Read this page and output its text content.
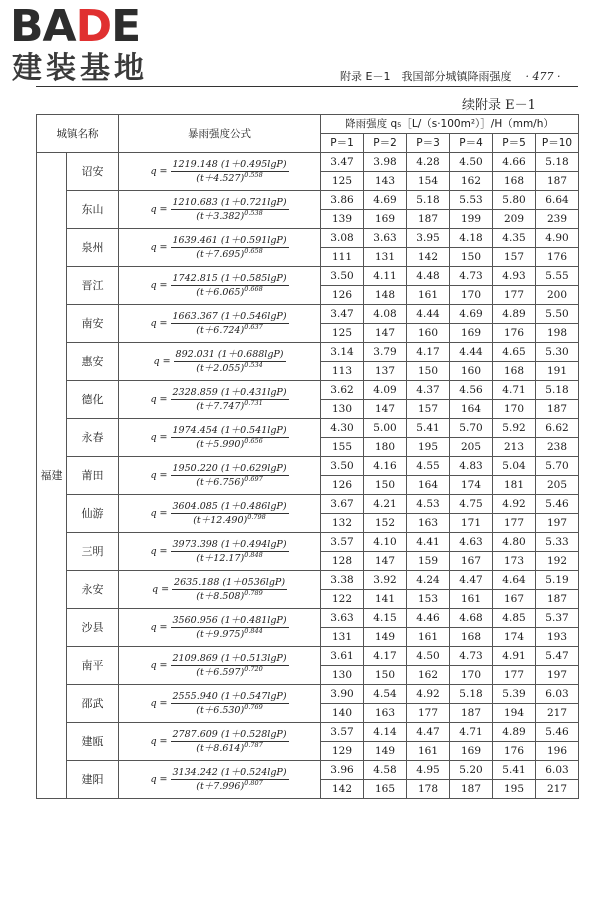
BADE
建装基地	附录 E－1　我国部分城镇降雨强度 · 477 ·
续附录 E－1
城镇名称		暴雨强度公式	降雨强度 q₅［L/（s·100m²）］/H（mm/h）					
			P＝1	P＝2	P＝3	P＝4	P＝5	P＝10
福建	诏安	$q = \frac{1219.148 (1+0.495\lg P)}{(t+4.527)^{0.558}}$	3.47	3.98	4.28	4.50	4.66	5.18
			125	143	154	162	168	187
	东山	$q = \frac{1210.683 (1+0.721\lg P)}{(t+3.382)^{0.538}}$	3.86	4.69	5.18	5.53	5.80	6.64
			139	169	187	199	209	239
	泉州	$q = \frac{1639.461 (1+0.591\lg P)}{(t+7.695)^{0.658}}$	3.08	3.63	3.95	4.18	4.35	4.90
			111	131	142	150	157	176
	晋江	$q = \frac{1742.815 (1+0.585\lg P)}{(t+6.065)^{0.668}}$	3.50	4.11	4.48	4.73	4.93	5.55
			126	148	161	170	177	200
	南安	$q = \frac{1663.367 (1+0.546\lg P)}{(t+6.724)^{0.637}}$	3.47	4.08	4.44	4.69	4.89	5.50
			125	147	160	169	176	198
	惠安	$q = \frac{892.031 (1+0.688\lg P)}{(t+2.055)^{0.534}}$	3.14	3.79	4.17	4.44	4.65	5.30
			113	137	150	160	168	191
	德化	$q = \frac{2328.859 (1+0.431\lg P)}{(t+7.747)^{0.731}}$	3.62	4.09	4.37	4.56	4.71	5.18
			130	147	157	164	170	187
	永春	$q = \frac{1974.454 (1+0.541\lg P)}{(t+5.990)^{0.656}}$	4.30	5.00	5.41	5.70	5.92	6.62
			155	180	195	205	213	238
	莆田	$q = \frac{1950.220 (1+0.629\lg P)}{(t+6.756)^{0.697}}$	3.50	4.16	4.55	4.83	5.04	5.70
			126	150	164	174	181	205
	仙游	$q = \frac{3604.085 (1+0.486\lg P)}{(t+12.490)^{0.798}}$	3.67	4.21	4.53	4.75	4.92	5.46
			132	152	163	171	177	197
	三明	$q = \frac{3973.398 (1+0.494\lg P)}{(t+12.17)^{0.848}}$	3.57	4.10	4.41	4.63	4.80	5.33
			128	147	159	167	173	192
	永安	$q = \frac{2635.188 (1+0536\lg P)}{(t+8.508)^{0.789}}$	3.38	3.92	4.24	4.47	4.64	5.19
			122	141	153	161	167	187
	沙县	$q = \frac{3560.956 (1+0.481\lg P)}{(t+9.975)^{0.844}}$	3.63	4.15	4.46	4.68	4.85	5.37
			131	149	161	168	174	193
	南平	$q = \frac{2109.869 (1+0.513\lg P)}{(t+6.597)^{0.720}}$	3.61	4.17	4.50	4.73	4.91	5.47
			130	150	162	170	177	197
	邵武	$q = \frac{2555.940 (1+0.547\lg P)}{(t+6.530)^{0.769}}$	3.90	4.54	4.92	5.18	5.39	6.03
			140	163	177	187	194	217
	建瓯	$q = \frac{2787.609 (1+0.528\lg P)}{(t+8.614)^{0.787}}$	3.57	4.14	4.47	4.71	4.89	5.46
			129	149	161	169	176	196
	建阳	$q = \frac{3134.242 (1+0.524\lg P)}{(t+7.996)^{0.807}}$	3.96	4.58	4.95	5.20	5.41	6.03
			142	165	178	187	195	217
